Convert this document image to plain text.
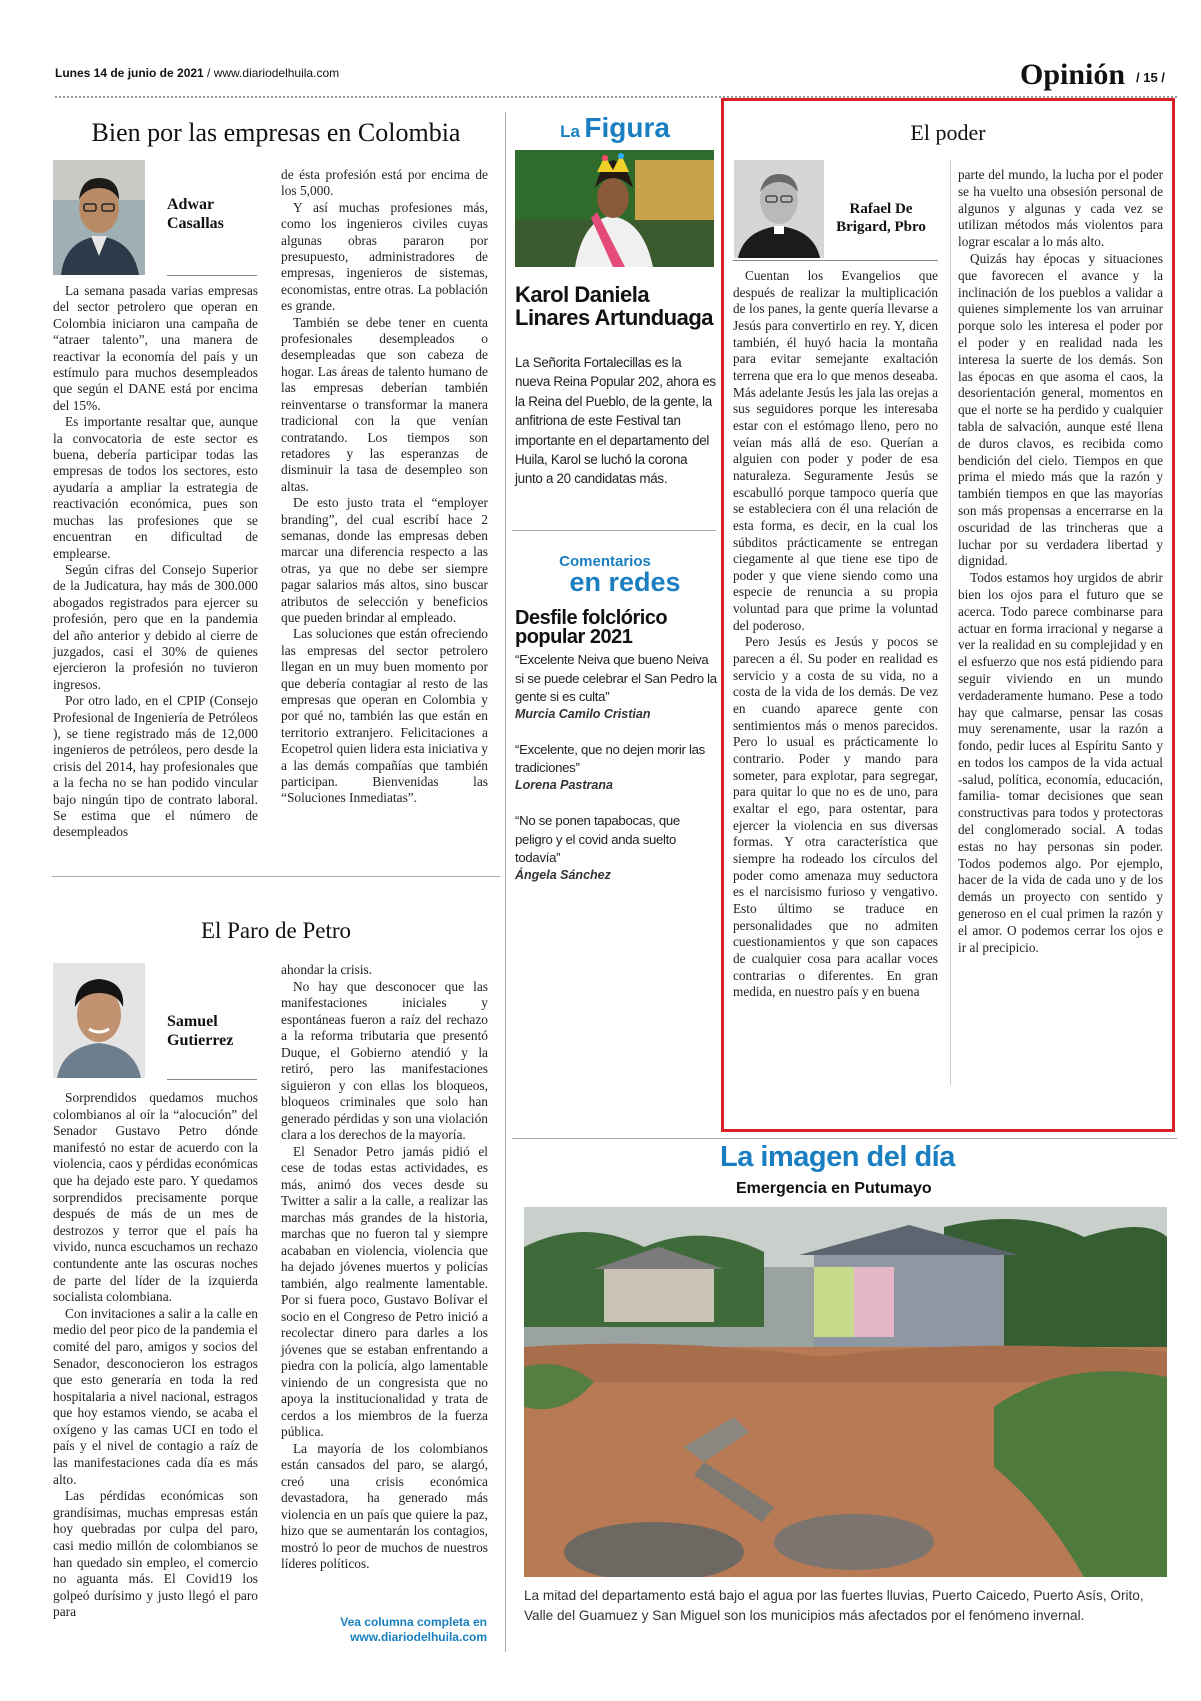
Lunes 14 de junio de 2021 / www.diariodelhuila.com	Opinión / 15 /
Bien por las empresas en Colombia
Adwar Casallas

La semana pasada varias empresas del sector petrolero que operan en Colombia iniciaron una campaña de “atraer talento”, una manera de reactivar la economía del país y un estímulo para muchos desempleados que según el DANE está por encima del 15%.

Es importante resaltar que, aunque la convocatoria de este sector es buena, debería participar todas las empresas de todos los sectores, esto ayudaría a ampliar la estrategia de reactivación económica, pues son muchas las profesiones que se encuentran en dificultad de emplearse.

Según cifras del Consejo Superior de la Judicatura, hay más de 300.000 abogados registrados para ejercer su profesión, pero que en la pandemia del año anterior y debido al cierre de juzgados, casi el 30% de quienes ejercieron la profesión no tuvieron ingresos.

Por otro lado, en el CPIP (Consejo Profesional de Ingeniería de Petróleos ), se tiene registrado más de 12,000 ingenieros de petróleos, pero desde la crisis del 2014, hay profesionales que a la fecha no se han podido vincular bajo ningún tipo de contrato laboral. Se estima que el número de desempleados

de ésta profesión está por encima de los 5,000.

Y así muchas profesiones más, como los ingenieros civiles cuyas algunas obras pararon por presupuesto, administradores de empresas, ingenieros de sistemas, economistas, entre otras. La población es grande.

También se debe tener en cuenta profesionales desempleados o desempleadas que son cabeza de hogar. Las áreas de talento humano de las empresas deberían también reinventarse o transformar la manera tradicional con la que venían contratando. Los tiempos son retadores y las esperanzas de disminuir la tasa de desempleo son altas.

De esto justo trata el “employer branding”, del cual escribí hace 2 semanas, donde las empresas deben marcar una diferencia respecto a las otras, ya que no debe ser siempre pagar salarios más altos, sino buscar atributos de selección y beneficios que pueden brindar al empleado.

Las soluciones que están ofreciendo las empresas del sector petrolero llegan en un muy buen momento por que debería contagiar al resto de las empresas que operan en Colombia y por qué no, también las que están en territorio extranjero. Felicitaciones a Ecopetrol quien lidera esta iniciativa y a las demás compañías que también participan. Bienvenidas las “Soluciones Inmediatas”.

El Paro de Petro
Samuel Gutierrez

Sorprendidos quedamos muchos colombianos al oír la “alocución” del Senador Gustavo Petro dónde manifestó no estar de acuerdo con la violencia, caos y pérdidas económicas que ha dejado este paro. Y quedamos sorprendidos precisamente porque después de más de un mes de destrozos y terror que el país ha vivido, nunca escuchamos un rechazo contundente ante las oscuras noches de parte del líder de la izquierda socialista colombiana.

Con invitaciones a salir a la calle en medio del peor pico de la pandemia el comité del paro, amigos y socios del Senador, desconocieron los estragos que esto generaría en toda la red hospitalaria a nivel nacional, estragos que hoy estamos viendo, se acaba el oxígeno y las camas UCI en todo el país y el nivel de contagio a raíz de las manifestaciones cada día es más alto.

Las pérdidas económicas son grandísimas, muchas empresas están hoy quebradas por culpa del paro, casi medio millón de colombianos se han quedado sin empleo, el comercio no aguanta más. El Covid19 los golpeó durísimo y justo llegó el paro para

ahondar la crisis.

No hay que desconocer que las manifestaciones iniciales y espontáneas fueron a raíz del rechazo a la reforma tributaria que presentó Duque, el Gobierno atendió y la retiró, pero las manifestaciones siguieron y con ellas los bloqueos, bloqueos criminales que solo han generado pérdidas y son una violación clara a los derechos de la mayoría.

El Senador Petro jamás pidió el cese de todas estas actividades, es más, animó dos veces desde su Twitter a salir a la calle, a realizar las marchas más grandes de la historia, marchas que no fueron tal y siempre acababan en violencia, violencia que ha dejado jóvenes muertos y policías también, algo realmente lamentable. Por si fuera poco, Gustavo Bolívar el socio en el Congreso de Petro inició a recolectar dinero para darles a los jóvenes que se estaban enfrentando a piedra con la policía, algo lamentable viniendo de un congresista que no apoya la institucionalidad y trata de cerdos a los miembros de la fuerza pública.

La mayoría de los colombianos están cansados del paro, se alargó, creó una crisis económica devastadora, ha generado más violencia en un país que quiere la paz, hizo que se aumentarán los contagios, mostró lo peor de muchos de nuestros líderes políticos.

Vea columna completa en
www.diariodelhuila.com
La Figura
Karol Daniela Linares Artunduaga
La Señorita Fortalecillas es la nueva Reina Popular 202, ahora es la Reina del Pueblo, de la gente, la anfitriona de este Festival tan importante en el departamento del Huila, Karol se luchó la corona junto a 20 candidatas más.
Comentarios
en redes
Desfile folclórico popular 2021
“Excelente Neiva que bueno Neiva si se puede celebrar el San Pedro la gente si es culta”
Murcia Camilo Cristian
“Excelente, que no dejen morir las tradiciones”
Lorena Pastrana
“No se ponen tapabocas, que peligro y el covid anda suelto todavía”
Ángela Sánchez
El poder
Rafael De Brigard, Pbro

Cuentan los Evangelios que después de realizar la multiplicación de los panes, la gente quería llevarse a Jesús para convertirlo en rey. Y, dicen también, él huyó hacia la montaña para evitar semejante exaltación terrena que era lo que menos deseaba. Más adelante Jesús les jala las orejas a sus seguidores porque les interesaba estar con el estómago lleno, pero no veían más allá de eso. Querían a alguien con poder y poder de esa naturaleza. Seguramente Jesús se escabulló porque tampoco quería que se estableciera con él una relación de esta forma, es decir, en la cual los súbditos prácticamente se entregan ciegamente al que tiene ese tipo de poder y que viene siendo como una especie de renuncia a su propia voluntad para que prime la voluntad del poderoso.

Pero Jesús es Jesús y pocos se parecen a él. Su poder en realidad es servicio y a costa de su vida, no a costa de la vida de los demás. De vez en cuando aparece gente con sentimientos más o menos parecidos. Pero lo usual es prácticamente lo contrario. Poder y mando para someter, para explotar, para segregar, para quitar lo que no es de uno, para exaltar el ego, para ostentar, para ejercer la violencia en sus diversas formas. Y otra característica que siempre ha rodeado los círculos del poder como amenaza muy seductora es el narcisismo furioso y vengativo. Esto último se traduce en personalidades que no admiten cuestionamientos y que son capaces de cualquier cosa para acallar voces contrarias o diferentes. En gran medida, en nuestro país y en buena

parte del mundo, la lucha por el poder se ha vuelto una obsesión personal de algunos y algunas y cada vez se utilizan métodos más violentos para lograr escalar a lo más alto.

Quizás hay épocas y situaciones que favorecen el avance y la inclinación de los pueblos a validar a quienes simplemente los van arruinar porque solo les interesa el poder por el poder y en realidad nada les interesa la suerte de los demás. Son las épocas en que asoma el caos, la desorientación general, momentos en que el norte se ha perdido y cualquier tabla de salvación, aunque esté llena de duros clavos, es recibida como bendición del cielo. Tiempos en que prima el miedo más que la razón y también tiempos en que las mayorías son más propensas a encerrarse en la oscuridad de las trincheras que a luchar por su verdadera libertad y dignidad.

Todos estamos hoy urgidos de abrir bien los ojos para el futuro que se acerca. Todo parece combinarse para actuar en forma irracional y negarse a ver la realidad en su complejidad y en el esfuerzo que nos está pidiendo para seguir viviendo en un mundo verdaderamente humano. Pese a todo hay que calmarse, pensar las cosas muy serenamente, usar la razón a fondo, pedir luces al Espíritu Santo y en todos los campos de la vida actual -salud, política, economía, educación, familia- tomar decisiones que sean constructivas para todos y protectoras del conglomerado social. A todas estas no hay personas sin poder. Todos podemos algo. Por ejemplo, hacer de la vida de cada uno y de los demás un proyecto con sentido y generoso en el cual primen la razón y el amor. O podemos cerrar los ojos e ir al precipicio.

La imagen del día
Emergencia en Putumayo
La mitad del departamento está bajo el agua por las fuertes lluvias, Puerto Caicedo, Puerto Asís, Orito, Valle del Guamuez y San Miguel son los municipios más afectados por el fenómeno invernal.
